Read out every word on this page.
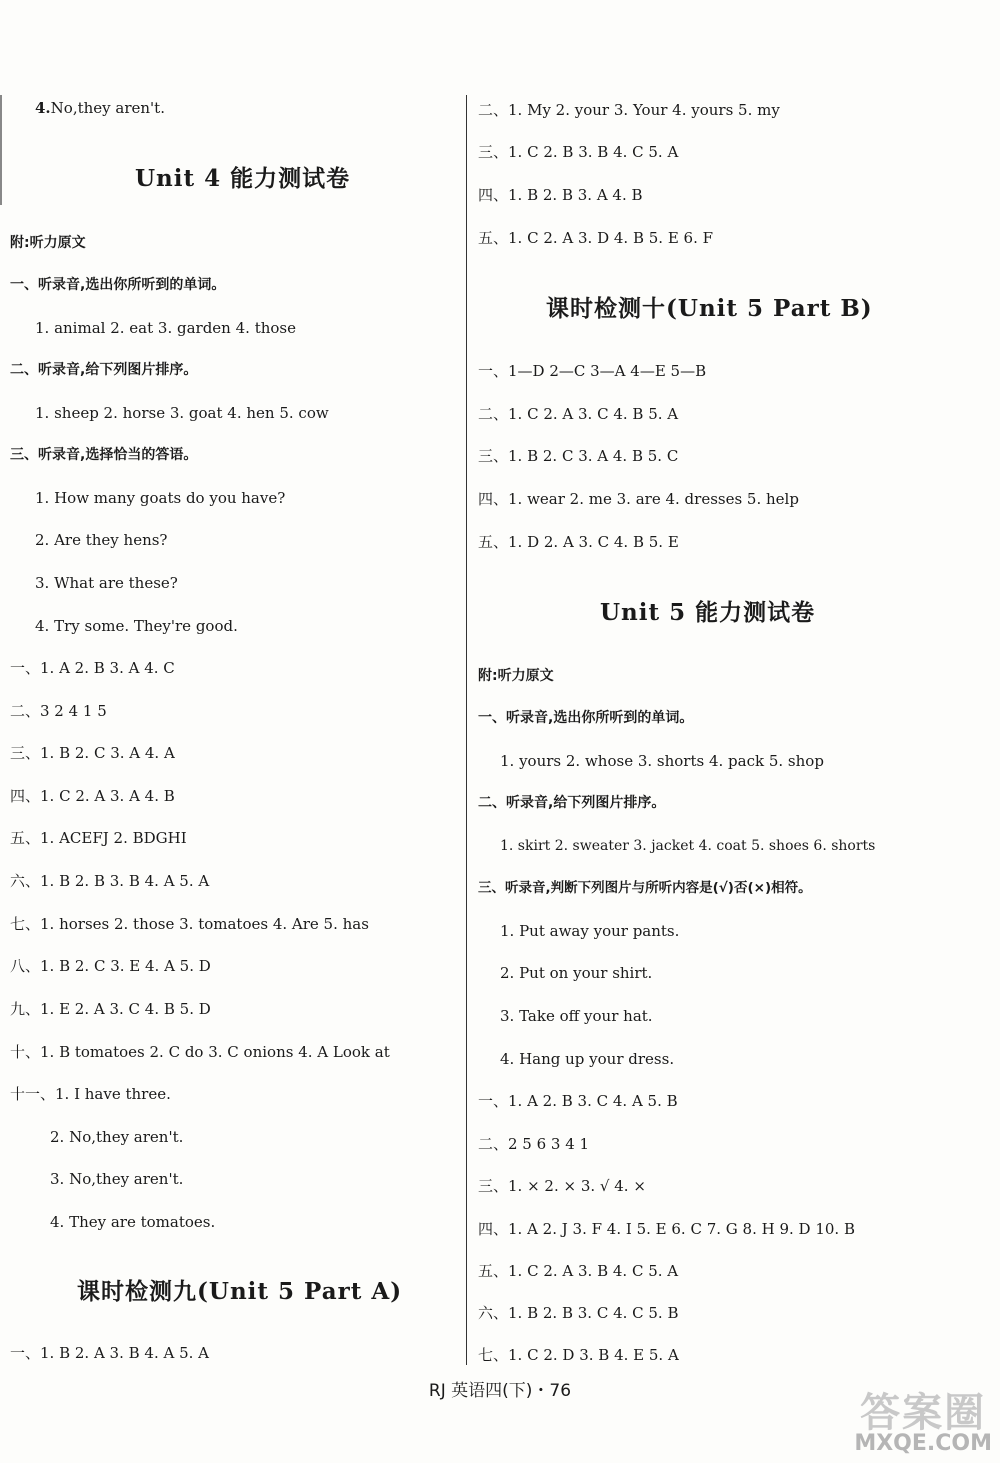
4.No,they aren't.
Unit 4 能力测试卷
附:听力原文
一、听录音,选出你所听到的单词。
1. animal 2. eat 3. garden 4. those
二、听录音,给下列图片排序。
1. sheep 2. horse 3. goat 4. hen 5. cow
三、听录音,选择恰当的答语。
1. How many goats do you have?
2. Are they hens?
3. What are these?
4. Try some. They're good.
一、1. A 2. B 3. A 4. C
二、3 2 4 1 5
三、1. B 2. C 3. A 4. A
四、1. C 2. A 3. A 4. B
五、1. ACEFJ 2. BDGHI
六、1. B 2. B 3. B 4. A 5. A
七、1. horses 2. those 3. tomatoes 4. Are 5. has
八、1. B 2. C 3. E 4. A 5. D
九、1. E 2. A 3. C 4. B 5. D
十、1. B tomatoes 2. C do 3. C onions 4. A Look at
十一、1. I have three.
2. No,they aren't.
3. No,they aren't.
4. They are tomatoes.
课时检测九(Unit 5 Part A)
一、1. B 2. A 3. B 4. A 5. A
二、1. My 2. your 3. Your 4. yours 5. my
三、1. C 2. B 3. B 4. C 5. A
四、1. B 2. B 3. A 4. B
五、1. C 2. A 3. D 4. B 5. E 6. F
课时检测十(Unit 5 Part B)
一、1—D 2—C 3—A 4—E 5—B
二、1. C 2. A 3. C 4. B 5. A
三、1. B 2. C 3. A 4. B 5. C
四、1. wear 2. me 3. are 4. dresses 5. help
五、1. D 2. A 3. C 4. B 5. E
Unit 5 能力测试卷
附:听力原文
一、听录音,选出你所听到的单词。
1. yours 2. whose 3. shorts 4. pack 5. shop
二、听录音,给下列图片排序。
1. skirt 2. sweater 3. jacket 4. coat 5. shoes 6. shorts
三、听录音,判断下列图片与所听内容是(√)否(×)相符。
1. Put away your pants.
2. Put on your shirt.
3. Take off your hat.
4. Hang up your dress.
一、1. A 2. B 3. C 4. A 5. B
二、2 5 6 3 4 1
三、1. × 2. × 3. √ 4. ×
四、1. A 2. J 3. F 4. I 5. E 6. C 7. G 8. H 9. D 10. B
五、1. C 2. A 3. B 4. C 5. A
六、1. B 2. B 3. C 4. C 5. B
七、1. C 2. D 3. B 4. E 5. A
RJ 英语四(下)・76	答案圈
MXQE.COM
